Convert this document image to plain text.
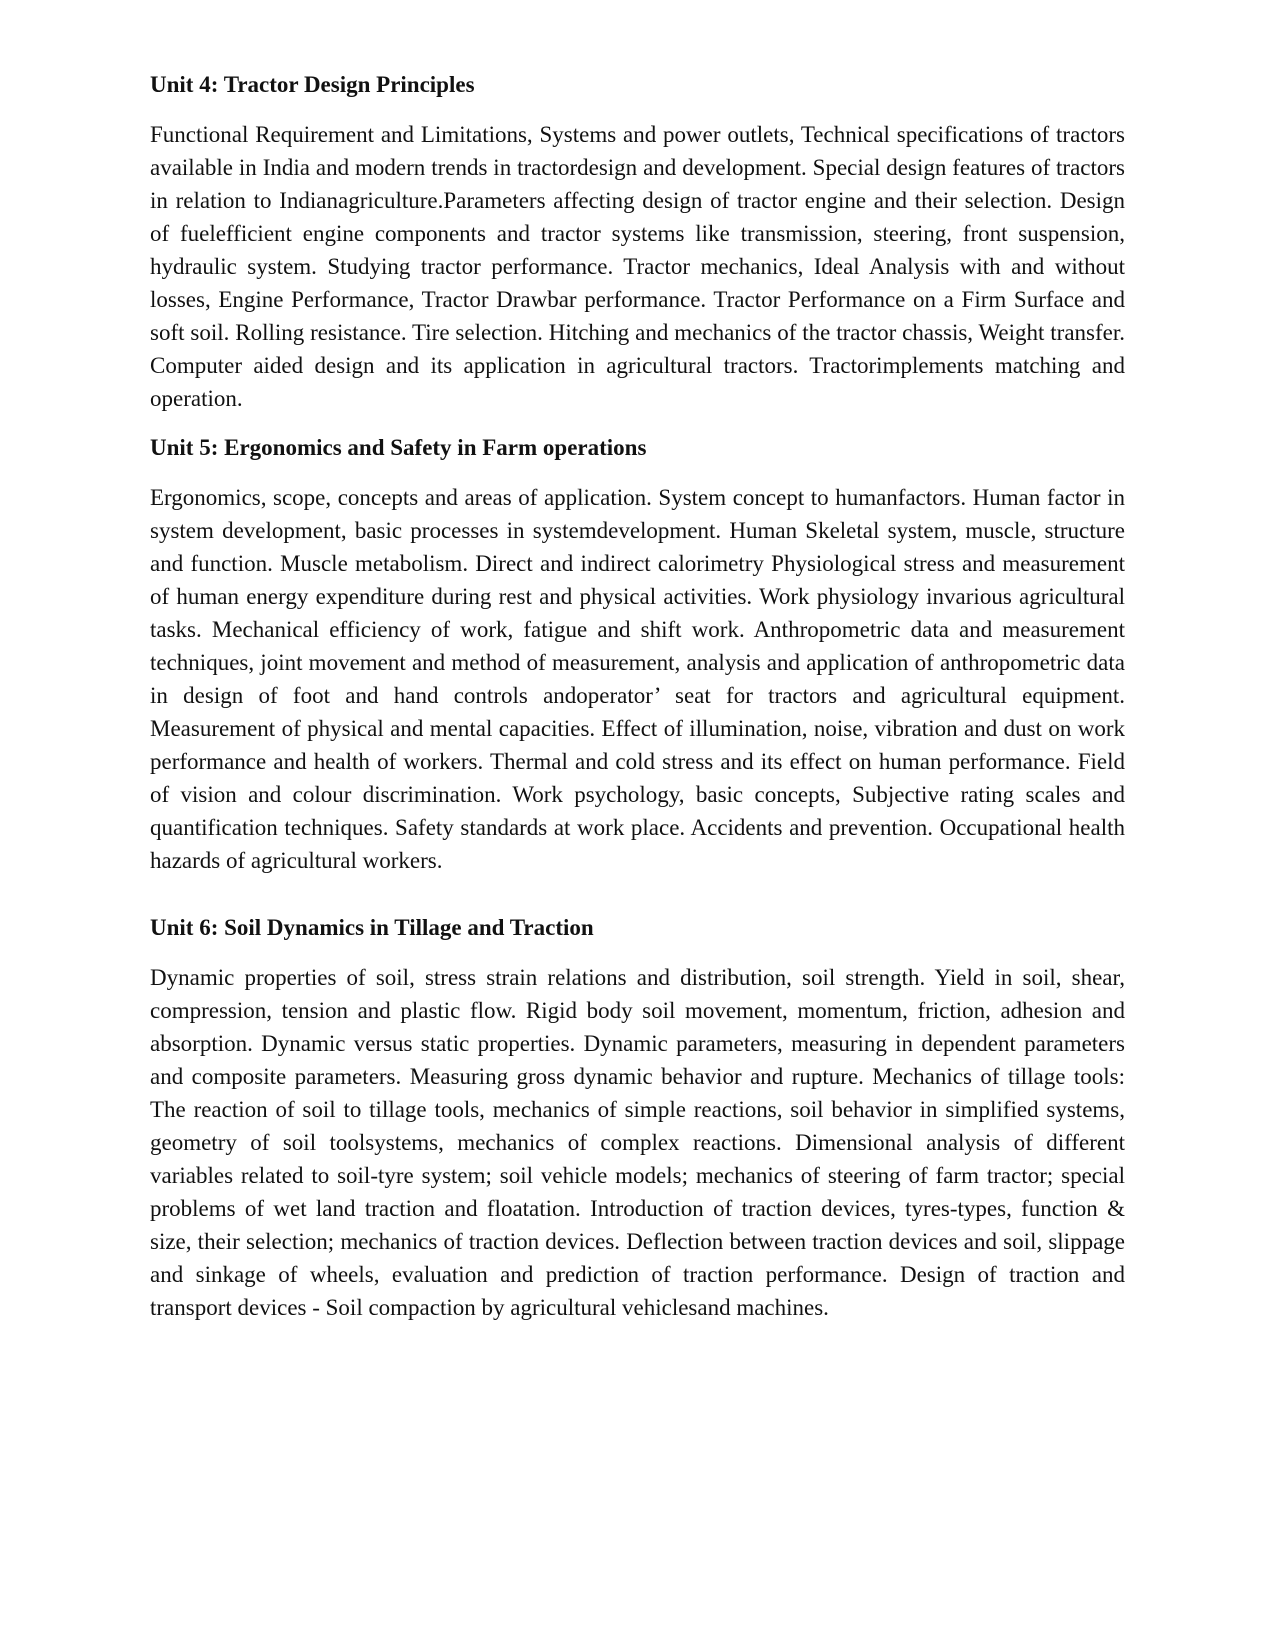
Unit 4: Tractor Design Principles

Functional Requirement and Limitations, Systems and power outlets, Technical specifications of tractors available in India and modern trends in tractordesign and development. Special design features of tractors in relation to Indianagriculture.Parameters affecting design of tractor engine and their selection. Design of fuelefficient engine components and tractor systems like transmission, steering, front suspension, hydraulic system. Studying tractor performance. Tractor mechanics, Ideal Analysis with and without losses, Engine Performance, Tractor Drawbar performance. Tractor Performance on a Firm Surface and soft soil. Rolling resistance. Tire selection. Hitching and mechanics of the tractor chassis, Weight transfer. Computer aided design and its application in agricultural tractors. Tractorimplements matching and operation.

Unit 5: Ergonomics and Safety in Farm operations

Ergonomics, scope, concepts and areas of application. System concept to humanfactors. Human factor in system development, basic processes in systemdevelopment. Human Skeletal system, muscle, structure and function. Muscle metabolism. Direct and indirect calorimetry Physiological stress and measurement of human energy expenditure during rest and physical activities. Work physiology invarious agricultural tasks. Mechanical efficiency of work, fatigue and shift work. Anthropometric data and measurement techniques, joint movement and method of measurement, analysis and application of anthropometric data in design of foot and hand controls andoperator’ seat for tractors and agricultural equipment. Measurement of physical and mental capacities. Effect of illumination, noise, vibration and dust on work performance and health of workers. Thermal and cold stress and its effect on human performance. Field of vision and colour discrimination. Work psychology, basic concepts, Subjective rating scales and quantification techniques. Safety standards at work place. Accidents and prevention. Occupational health hazards of agricultural workers.

Unit 6: Soil Dynamics in Tillage and Traction

Dynamic properties of soil, stress strain relations and distribution, soil strength. Yield in soil, shear, compression, tension and plastic flow. Rigid body soil movement, momentum, friction, adhesion and absorption. Dynamic versus static properties. Dynamic parameters, measuring in dependent parameters and composite parameters. Measuring gross dynamic behavior and rupture. Mechanics of tillage tools: The reaction of soil to tillage tools, mechanics of simple reactions, soil behavior in simplified systems, geometry of soil toolsystems, mechanics of complex reactions. Dimensional analysis of different variables related to soil-tyre system; soil vehicle models; mechanics of steering of farm tractor; special problems of wet land traction and floatation. Introduction of traction devices, tyres-types, function & size, their selection; mechanics of traction devices. Deflection between traction devices and soil, slippage and sinkage of wheels, evaluation and prediction of traction performance. Design of traction and transport devices - Soil compaction by agricultural vehiclesand machines.
